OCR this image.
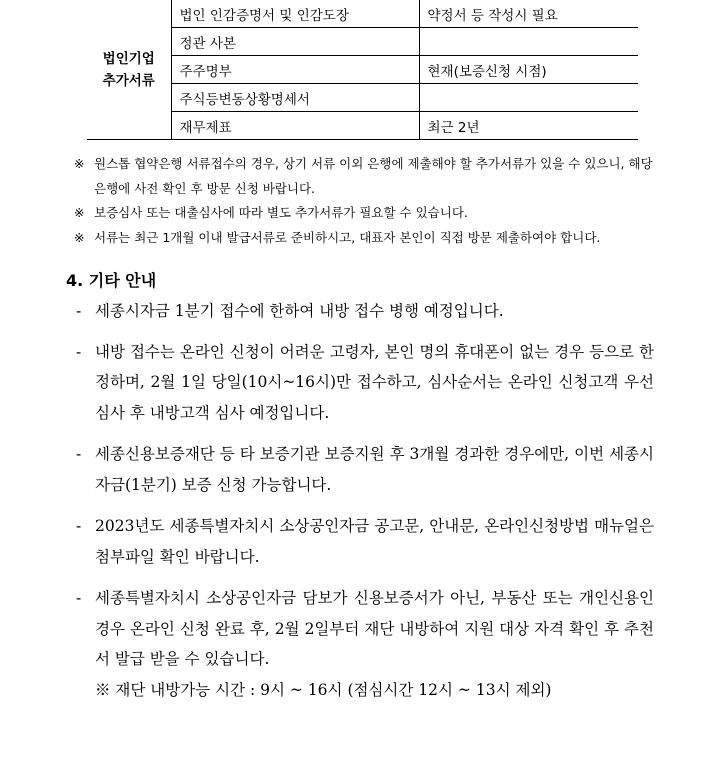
법인기업 추가서류	법인 인감증명서 및 인감도장	약정서 등 작성시 필요
	정관 사본	
	주주명부	현재(보증신청 시점)
	주식등변동상황명세서	
	재무제표	최근 2년
※ 원스톱 협약은행 서류접수의 경우, 상기 서류 이외 은행에 제출해야 할 추가서류가 있을 수 있으니, 해당 은행에 사전 확인 후 방문 신청 바랍니다.
※ 보증심사 또는 대출심사에 따라 별도 추가서류가 필요할 수 있습니다.
※ 서류는 최근 1개월 이내 발급서류로 준비하시고, 대표자 본인이 직접 방문 제출하여야 합니다.
4. 기타 안내
- 세종시자금 1분기 접수에 한하여 내방 접수 병행 예정입니다.
- 내방 접수는 온라인 신청이 어려운 고령자, 본인 명의 휴대폰이 없는 경우 등으로 한정하며, 2월 1일 당일(10시~16시)만 접수하고, 심사순서는 온라인 신청고객 우선 심사 후 내방고객 심사 예정입니다.
- 세종신용보증재단 등 타 보증기관 보증지원 후 3개월 경과한 경우에만, 이번 세종시 자금(1분기) 보증 신청 가능합니다.
- 2023년도 세종특별자치시 소상공인자금 공고문, 안내문, 온라인신청방법 매뉴얼은 첨부파일 확인 바랍니다.
- 세종특별자치시 소상공인자금 담보가 신용보증서가 아닌, 부동산 또는 개인신용인 경우 온라인 신청 완료 후, 2월 2일부터 재단 내방하여 지원 대상 자격 확인 후 추천서 발급 받을 수 있습니다.
※ 재단 내방가능 시간 : 9시 ~ 16시 (점심시간 12시 ~ 13시 제외)
